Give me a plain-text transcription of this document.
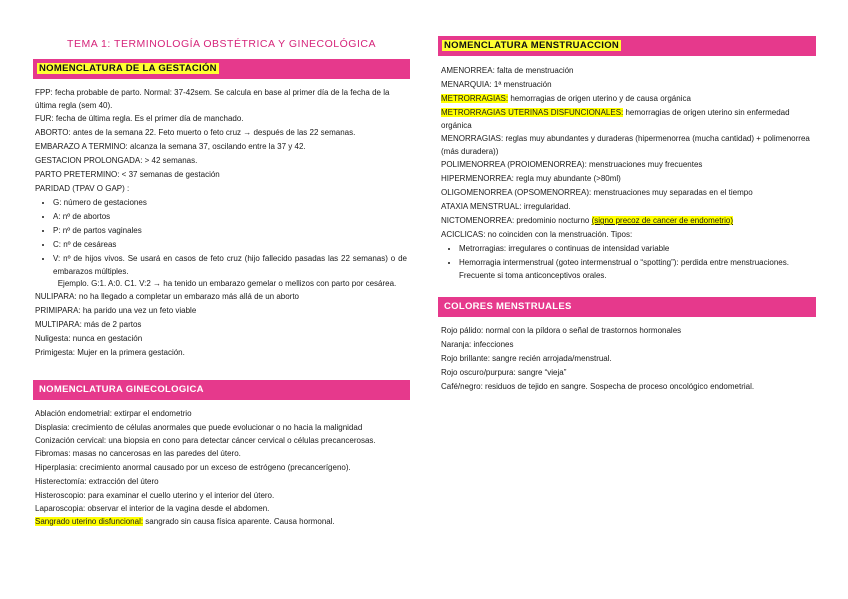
TEMA 1: TERMINOLOGÍA OBSTÉTRICA Y GINECOLÓGICA
NOMENCLATURA DE LA GESTACIÓN

FPP: fecha probable de parto. Normal: 37-42sem. Se calcula en base al primer día de la fecha de la última regla (sem 40).

FUR: fecha de última regla. Es el primer día de manchado.

ABORTO: antes de la semana 22. Feto muerto o feto cruz → después de las 22 semanas.

EMBARAZO A TERMINO: alcanza la semana 37, oscilando entre la 37 y 42.

GESTACION PROLONGADA: > 42 semanas.

PARTO PRETERMINO: < 37 semanas de gestación

PARIDAD (TPAV O GAP) :

• G: número de gestaciones
• A: nº de abortos
• P: nº de partos vaginales
• C: nº de cesáreas
• V: nº de hijos vivos. Se usará en casos de feto cruz (hijo fallecido pasadas las 22 semanas) o de embarazos múltiples.

Ejemplo. G:1. A:0. C1. V:2 → ha tenido un embarazo gemelar o mellizos con parto por cesárea.

NULIPARA: no ha llegado a completar un embarazo más allá de un aborto

PRIMIPARA: ha parido una vez un feto viable

MULTIPARA: más de 2 partos

Nuligesta: nunca en gestación

Primigesta: Mujer en la primera gestación.

NOMENCLATURA GINECOLOGICA

Ablación endometrial: extirpar el endometrio

Displasia: crecimiento de células anormales que puede evolucionar o no hacia la malignidad

Conización cervical: una biopsia en cono para detectar cáncer cervical o células precancerosas.

Fibromas: masas no cancerosas en las paredes del útero.

Hiperplasia: crecimiento anormal causado por un exceso de estrógeno (precancerígeno).

Histerectomía: extracción del útero

Histeroscopio: para examinar el cuello uterino y el interior del útero.

Laparoscopia: observar el interior de la vagina desde el abdomen.

Sangrado uterino disfuncional: sangrado sin causa física aparente. Causa hormonal.

NOMENCLATURA MENSTRUACCION

AMENORREA: falta de menstruación

MENARQUIA: 1ª menstruación

METRORRAGIAS: hemorragias de origen uterino y de causa orgánica

METRORRAGIAS UTERINAS DISFUNCIONALES: hemorragias de origen uterino sin enfermedad orgánica

MENORRAGIAS: reglas muy abundantes y duraderas (hipermenorrea (mucha cantidad) + polimenorrea (más duradera))

POLIMENORREA (PROIOMENORREA): menstruaciones muy frecuentes

HIPERMENORREA: regla muy abundante (>80ml)

OLIGOMENORREA (OPSOMENORREA): menstruaciones muy separadas en el tiempo

ATAXIA MENSTRUAL: irregularidad.

NICTOMENORREA: predominio nocturno (signo precoz de cancer de endometrio)

ACICLICAS: no coinciden con la menstruación. Tipos:

• Metrorragias: irregulares o continuas de intensidad variable
• Hemorragia intermenstrual (goteo intermenstrual o “spotting”): perdida entre menstruaciones. Frecuente si toma anticonceptivos orales.
COLORES MENSTRUALES

Rojo pálido: normal con la píldora o señal de trastornos hormonales

Naranja: infecciones

Rojo brillante: sangre recién arrojada/menstrual.

Rojo oscuro/purpura: sangre “vieja”

Café/negro: residuos de tejido en sangre. Sospecha de proceso oncológico endometrial.
